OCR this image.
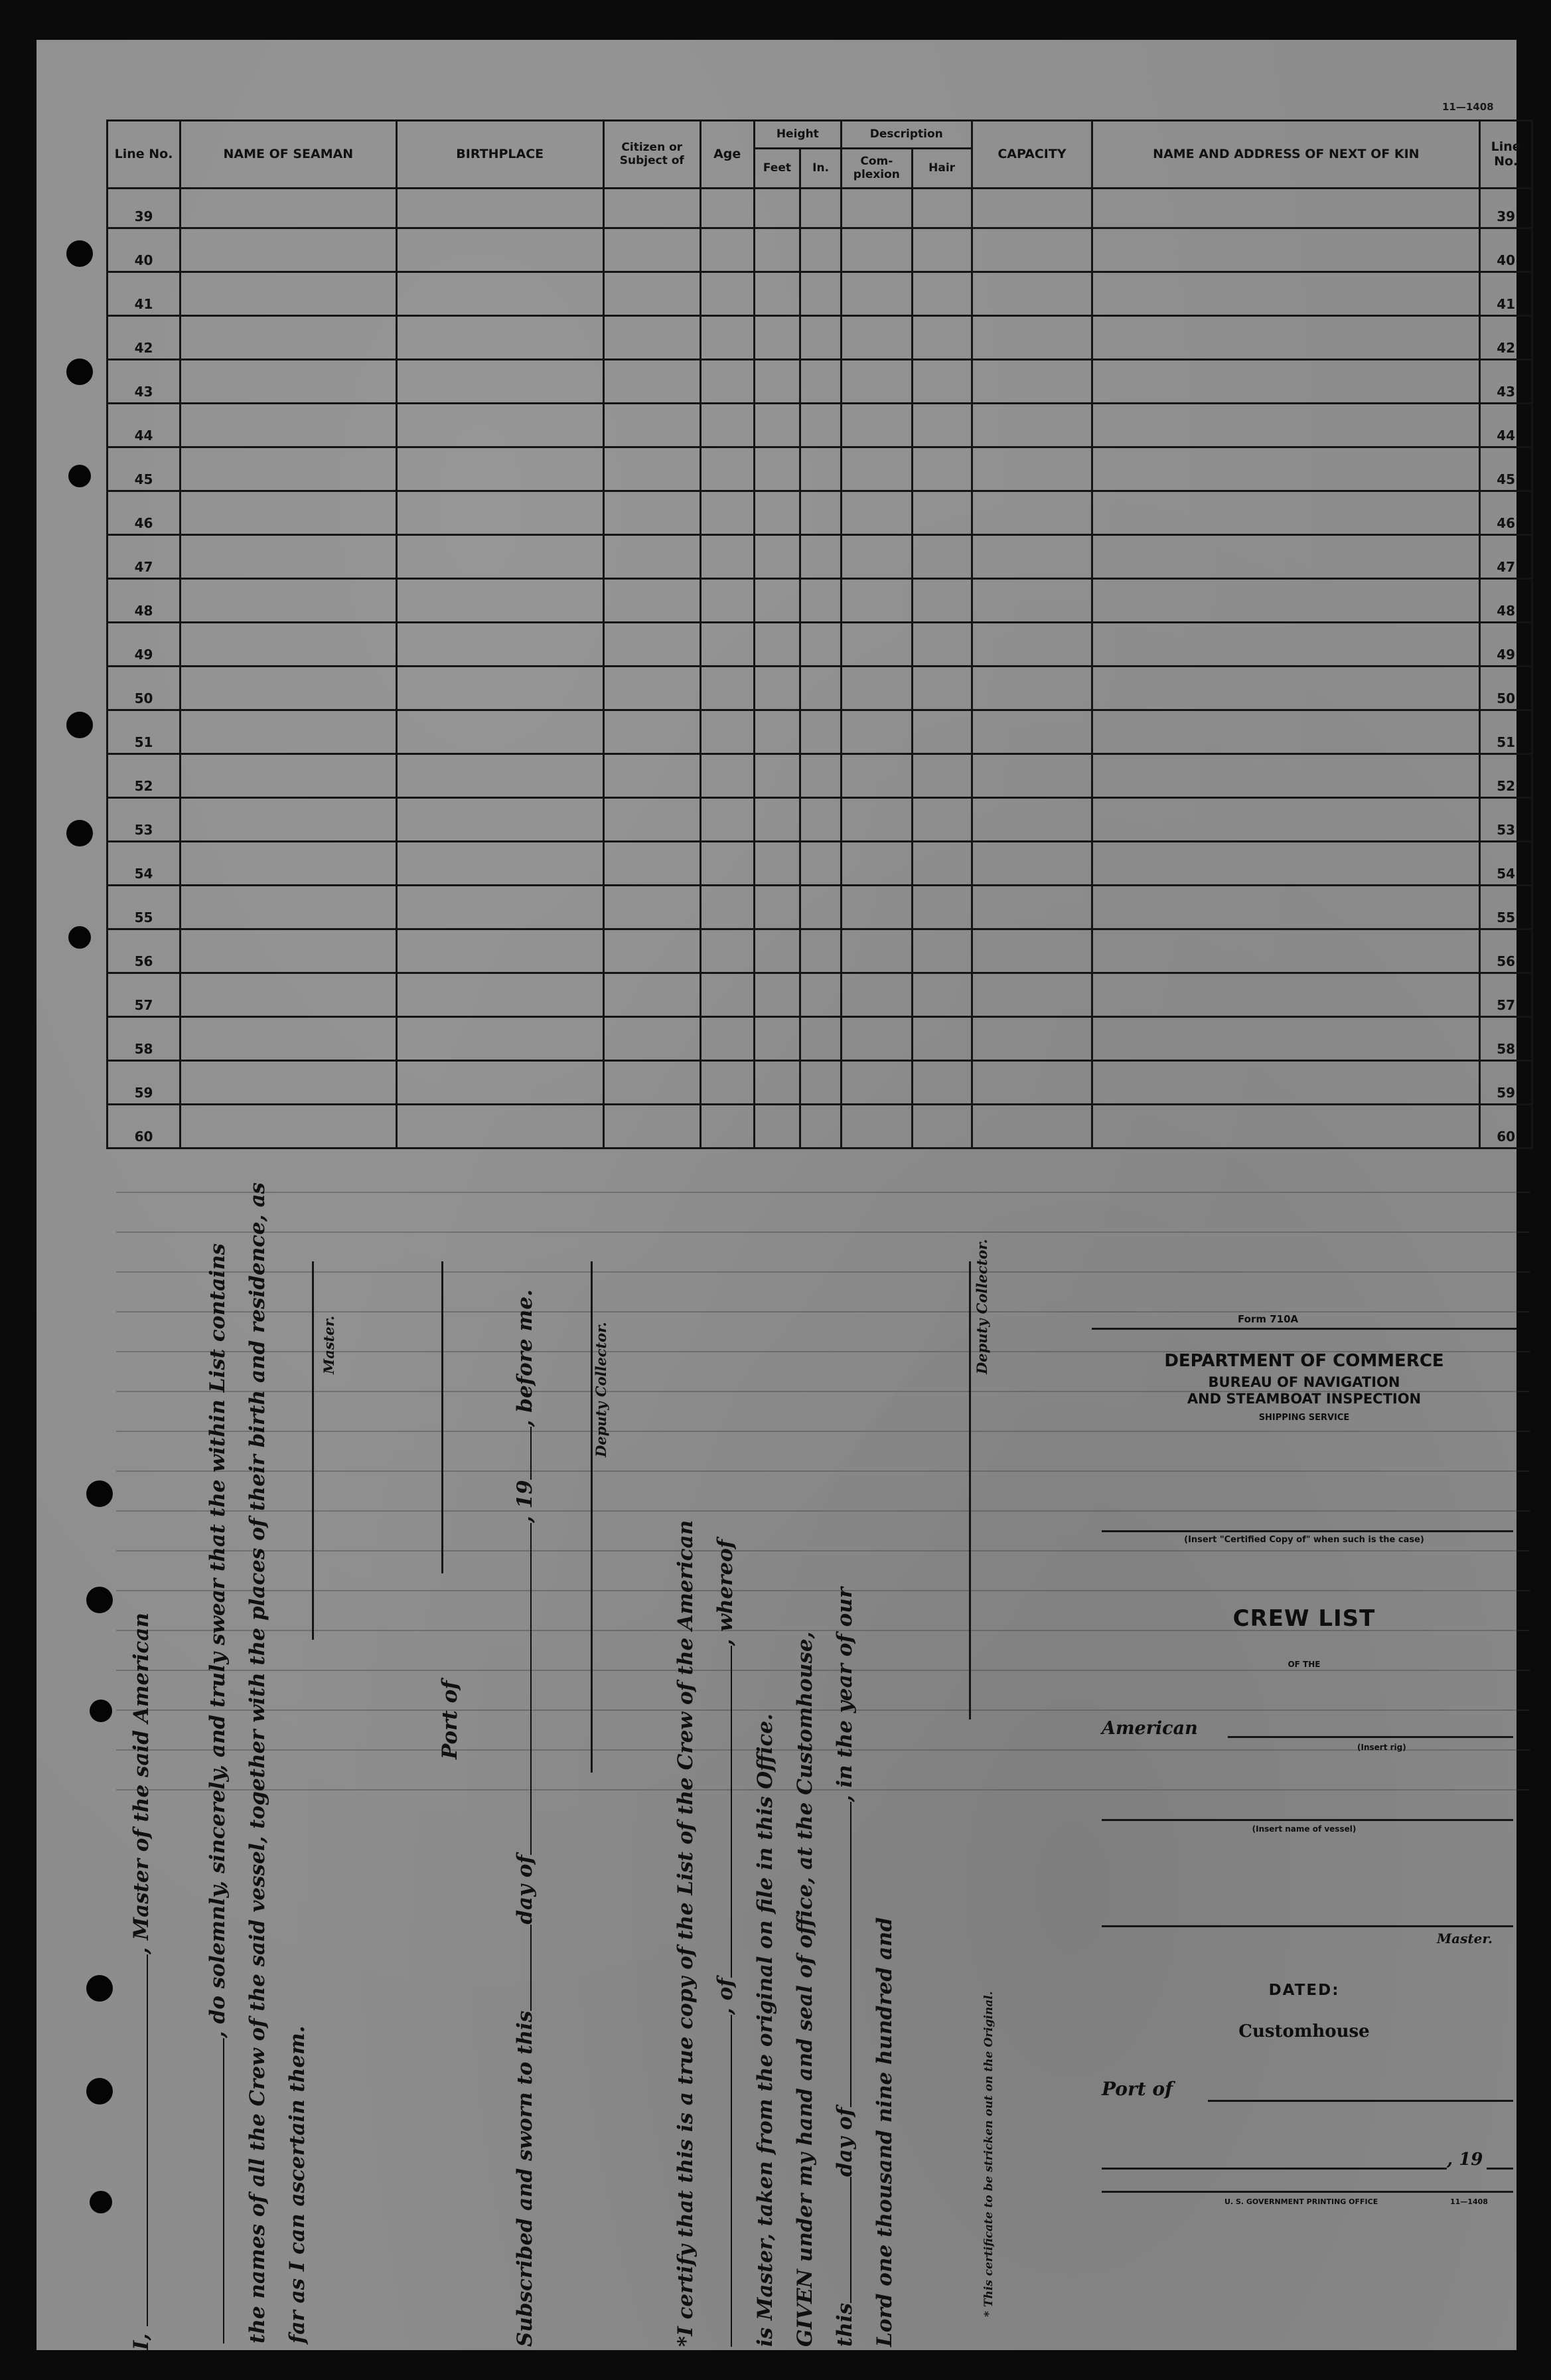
11—1408
Line No.	NAME OF SEAMAN	BIRTHPLACE	Citizen or Subject of	Age	Height		Description		CAPACITY	NAME AND ADDRESS OF NEXT OF KIN	Line No.
					Feet	In.	Com-plexion	Hair			
39											39
40											40
41											41
42											42
43											43
44											44
45											45
46											46
47											47
48											48
49											49
50											50
51											51
52											52
53											53
54											54
55											55
56											56
57											57
58											58
59											59
60											60
I, , Master of the said American	, do solemnly, sincerely, and truly swear that the within List contains the names of all the Crew of the said vessel, together with the places of their birth and residence, as far as I can ascertain them.
Master.
Port of
Subscribed and sworn to thisday of, 19, before me.	Deputy Collector.
*I certify that this is a true copy of the List of the Crew of the American , of, whereof
is Master, taken from the original on file in this Office. GIVEN under my hand and seal of office, at the Customhouse, thisday of, in the year of our
Lord one thousand nine hundred and
Deputy Collector.
* This certificate to be stricken out on the Original.
Form 710A
DEPARTMENT OF COMMERCE
BUREAU OF NAVIGATION
AND STEAMBOAT INSPECTION
SHIPPING SERVICE
(Insert "Certified Copy of" when such is the case)
CREW LIST
OF THE
American
(Insert rig)
(Insert name of vessel)
Master.
DATED:
Customhouse
Port of
, 19
U. S. GOVERNMENT PRINTING OFFICE	11—1408
